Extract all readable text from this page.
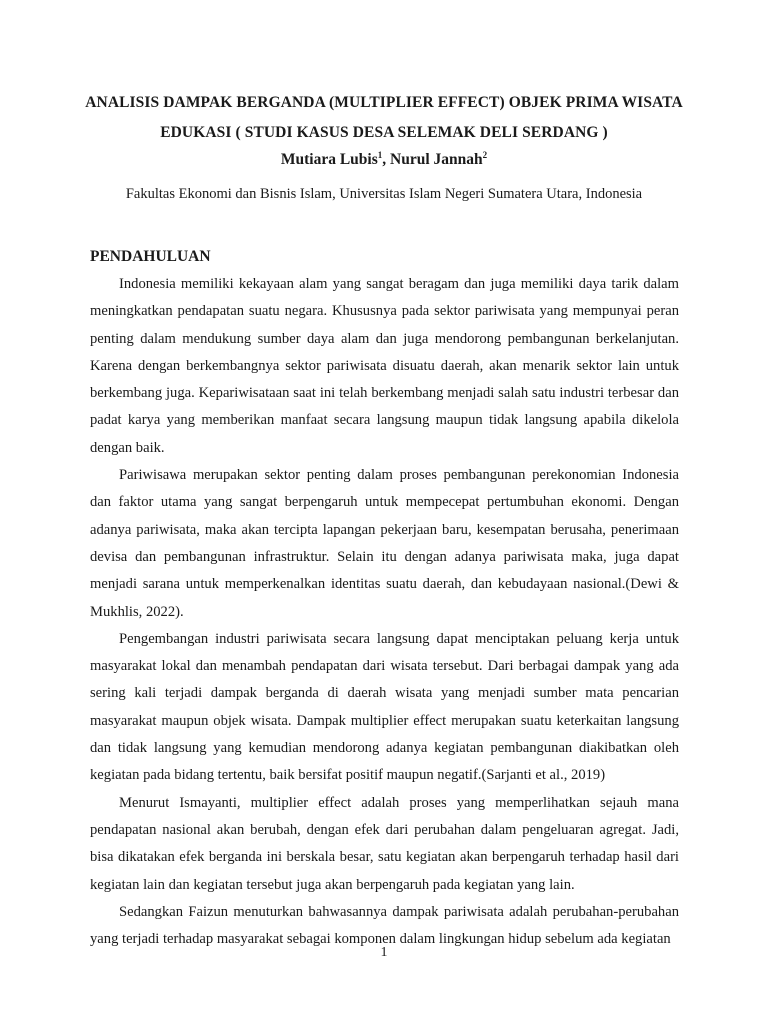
ANALISIS DAMPAK BERGANDA (MULTIPLIER EFFECT) OBJEK PRIMA WISATA
EDUKASI ( STUDI KASUS DESA SELEMAK DELI SERDANG )
Mutiara Lubis$^1$, Nurul Jannah$^2$
Fakultas Ekonomi dan Bisnis Islam, Universitas Islam Negeri Sumatera Utara, Indonesia
PENDAHULUAN

Indonesia memiliki kekayaan alam yang sangat beragam dan juga memiliki daya tarik dalam meningkatkan pendapatan suatu negara. Khususnya pada sektor pariwisata yang mempunyai peran penting dalam mendukung sumber daya alam dan juga mendorong pembangunan berkelanjutan. Karena dengan berkembangnya sektor pariwisata disuatu daerah, akan menarik sektor lain untuk berkembang juga. Kepariwisataan saat ini telah berkembang menjadi salah satu industri terbesar dan padat karya yang memberikan manfaat secara langsung maupun tidak langsung apabila dikelola dengan baik.

Pariwisawa merupakan sektor penting dalam proses pembangunan perekonomian Indonesia dan faktor utama yang sangat berpengaruh untuk mempecepat pertumbuhan ekonomi. Dengan adanya pariwisata, maka akan tercipta lapangan pekerjaan baru, kesempatan berusaha, penerimaan devisa dan pembangunan infrastruktur. Selain itu dengan adanya pariwisata maka, juga dapat menjadi sarana untuk memperkenalkan identitas suatu daerah, dan kebudayaan nasional.(Dewi & Mukhlis, 2022).

Pengembangan industri pariwisata secara langsung dapat menciptakan peluang kerja untuk masyarakat lokal dan menambah pendapatan dari wisata tersebut. Dari berbagai dampak yang ada sering kali terjadi dampak berganda di daerah wisata yang menjadi sumber mata pencarian masyarakat maupun objek wisata. Dampak multiplier effect merupakan suatu keterkaitan langsung dan tidak langsung yang kemudian mendorong adanya kegiatan pembangunan diakibatkan oleh kegiatan pada bidang tertentu, baik bersifat positif maupun negatif.(Sarjanti et al., 2019)

Menurut Ismayanti, multiplier effect adalah proses yang memperlihatkan sejauh mana pendapatan nasional akan berubah, dengan efek dari perubahan dalam pengeluaran agregat. Jadi, bisa dikatakan efek berganda ini berskala besar, satu kegiatan akan berpengaruh terhadap hasil dari kegiatan lain dan kegiatan tersebut juga akan berpengaruh pada kegiatan yang lain.

Sedangkan Faizun menuturkan bahwasannya dampak pariwisata adalah perubahan-perubahan yang terjadi terhadap masyarakat sebagai komponen dalam lingkungan hidup sebelum ada kegiatan

1
